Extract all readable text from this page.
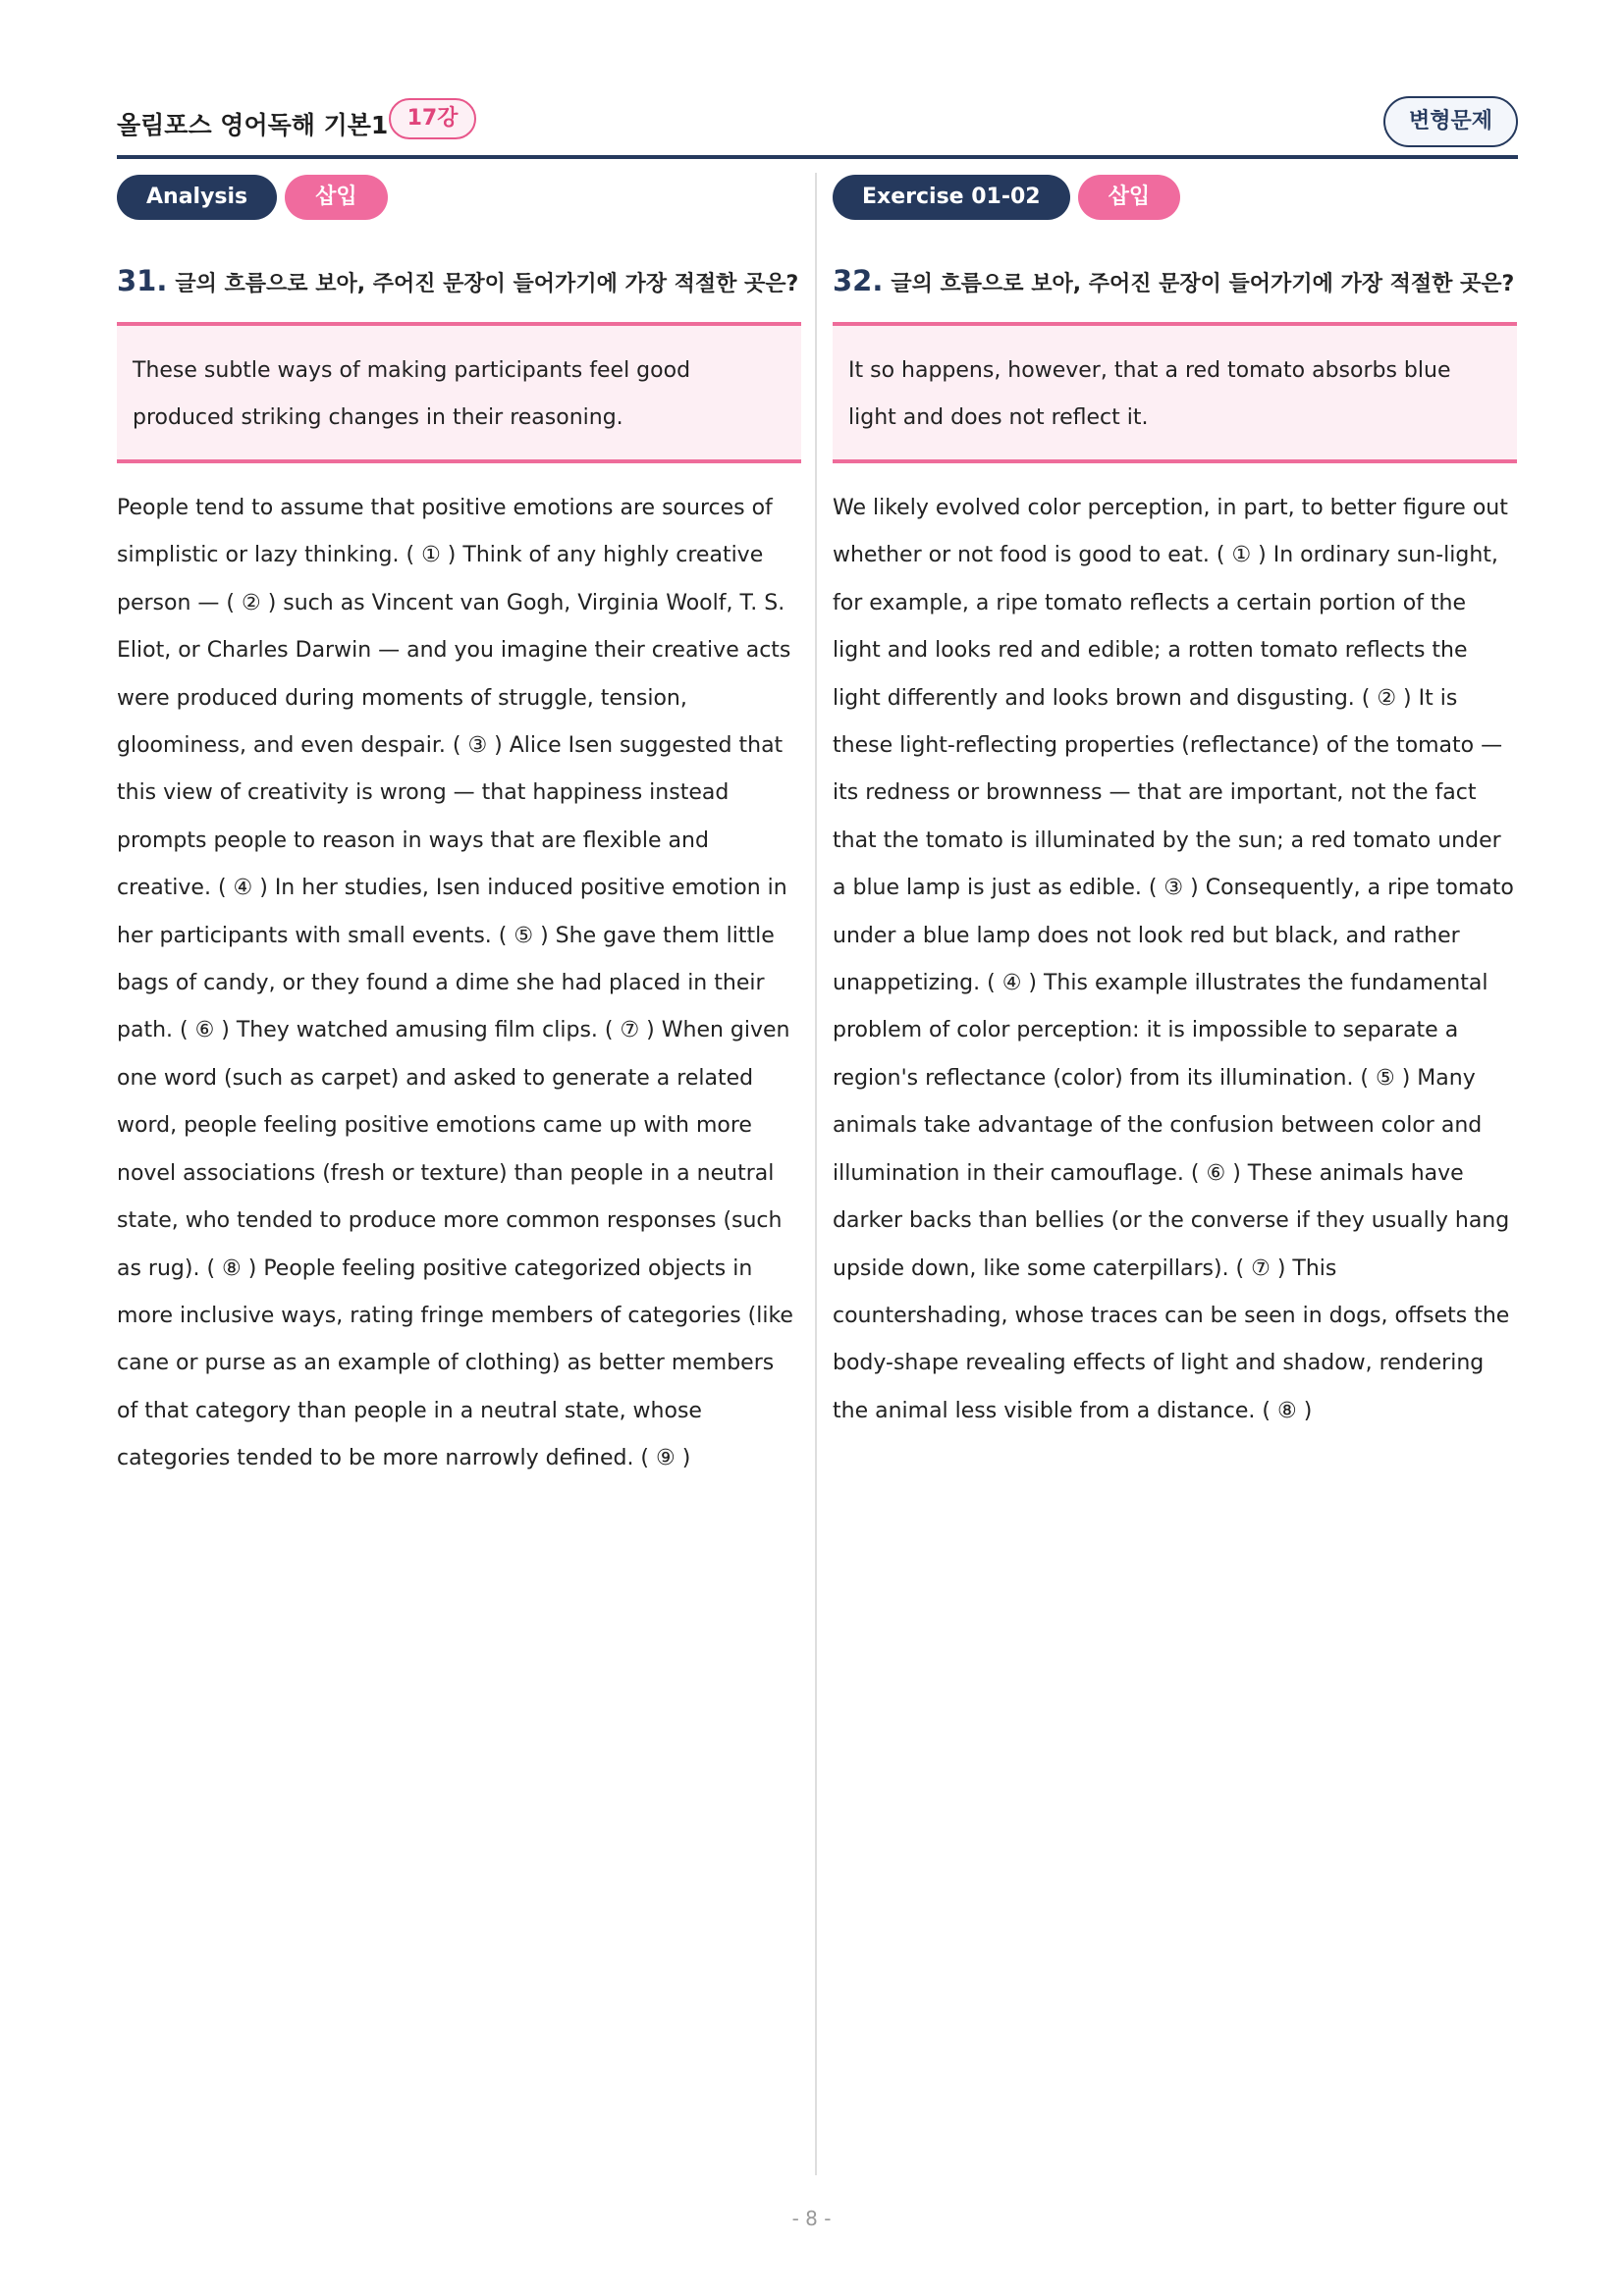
올림포스 영어독해 기본1 17강	변형문제
Analysis	삽입
31. 글의 흐름으로 보아, 주어진 문장이 들어가기에 가장 적절한 곳은?
These subtle ways of making participants feel good produced striking changes in their reasoning.
People tend to assume that positive emotions are sources of simplistic or lazy thinking. ( ① ) Think of any highly creative person — ( ② ) such as Vincent van Gogh, Virginia Woolf, T. S. Eliot, or Charles Darwin — and you imagine their creative acts were produced during moments of struggle, tension, gloominess, and even despair. ( ③ ) Alice Isen suggested that this view of creativity is wrong — that happiness instead prompts people to reason in ways that are flexible and creative. ( ④ ) In her studies, Isen induced positive emotion in her participants with small events. ( ⑤ ) She gave them little bags of candy, or they found a dime she had placed in their path. ( ⑥ ) They watched amusing film clips. ( ⑦ ) When given one word (such as carpet) and asked to generate a related word, people feeling positive emotions came up with more novel associations (fresh or texture) than people in a neutral state, who tended to produce more common responses (such as rug). ( ⑧ ) People feeling positive categorized objects in more inclusive ways, rating fringe members of categories (like cane or purse as an example of clothing) as better members of that category than people in a neutral state, whose categories tended to be more narrowly defined. ( ⑨ )
Exercise 01-02	삽입
32. 글의 흐름으로 보아, 주어진 문장이 들어가기에 가장 적절한 곳은?
It so happens, however, that a red tomato absorbs blue light and does not reflect it.
We likely evolved color perception, in part, to better figure out whether or not food is good to eat. ( ① ) In ordinary sun-light, for example, a ripe tomato reflects a certain portion of the light and looks red and edible; a rotten tomato reflects the light differently and looks brown and disgusting. ( ② ) It is these light-reflecting properties (reflectance) of the tomato — its redness or brownness — that are important, not the fact that the tomato is illuminated by the sun; a red tomato under a blue lamp is just as edible. ( ③ ) Consequently, a ripe tomato under a blue lamp does not look red but black, and rather unappetizing. ( ④ ) This example illustrates the fundamental problem of color perception: it is impossible to separate a region's reflectance (color) from its illumination. ( ⑤ ) Many animals take advantage of the confusion between color and illumination in their camouflage. ( ⑥ ) These animals have darker backs than bellies (or the converse if they usually hang upside down, like some caterpillars). ( ⑦ ) This countershading, whose traces can be seen in dogs, offsets the body-shape revealing effects of light and shadow, rendering the animal less visible from a distance. ( ⑧ )
- 8 -
